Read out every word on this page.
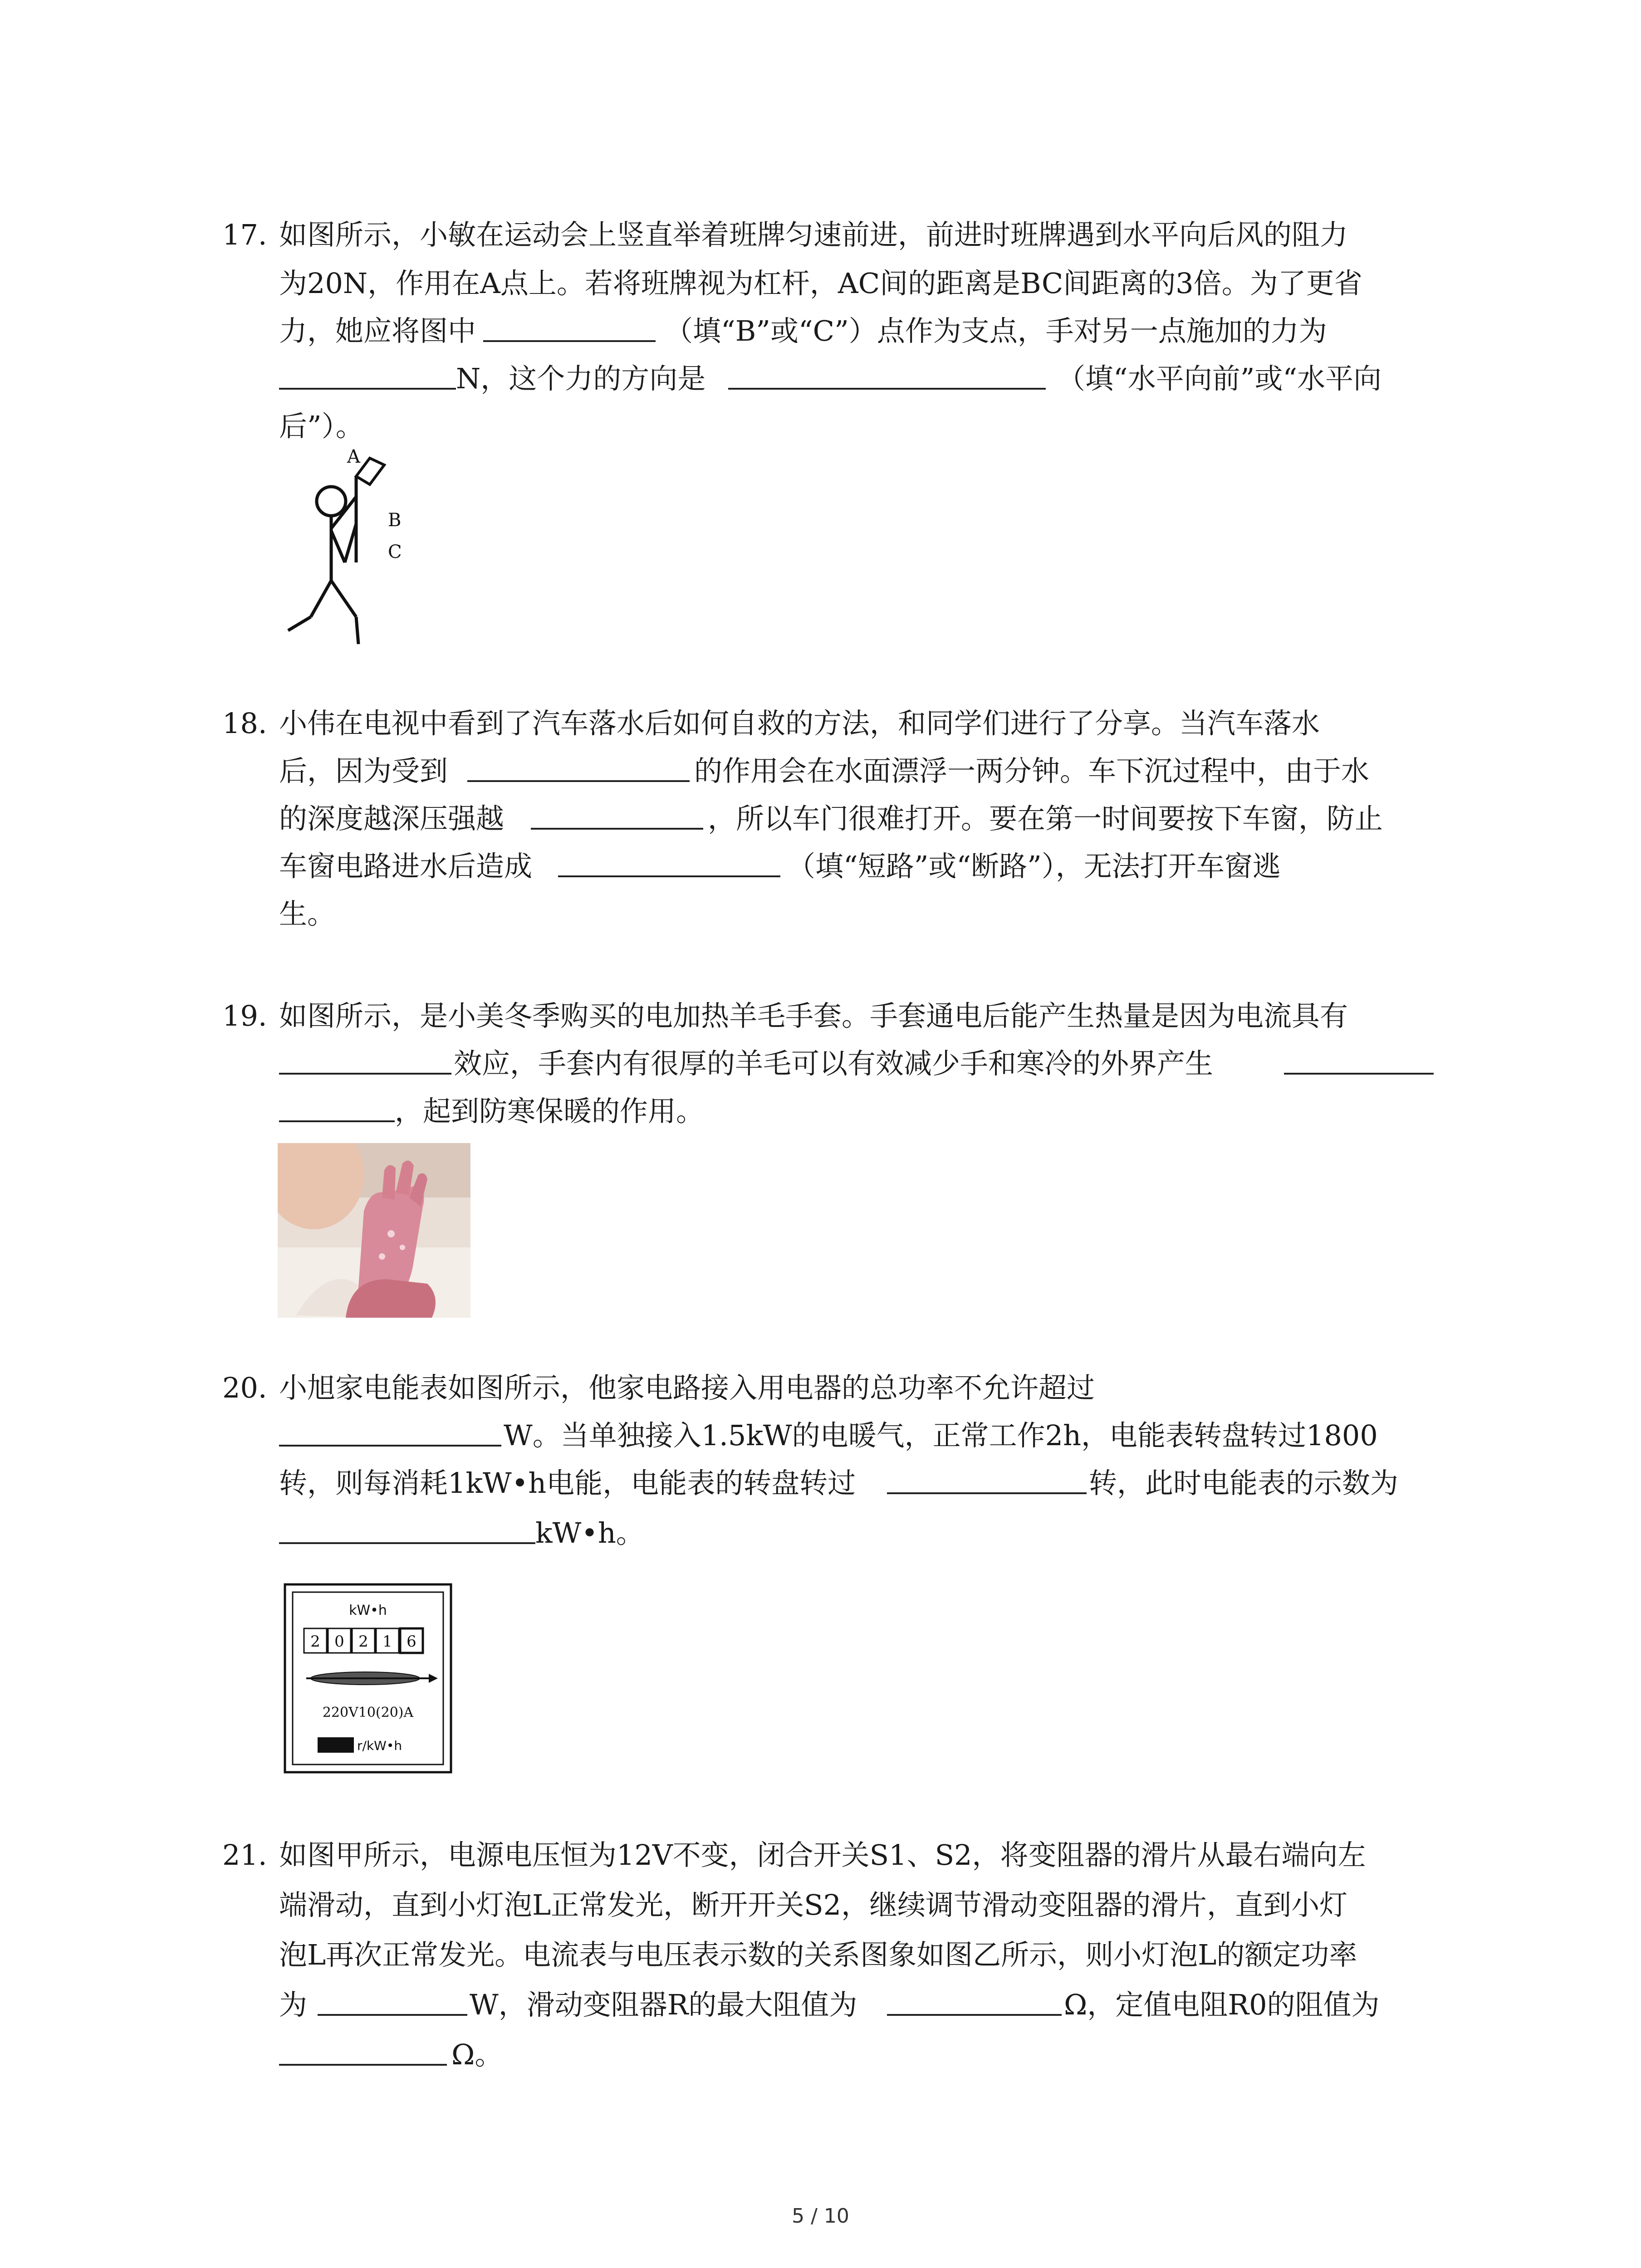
17. 如图所示，小敏在运动会上竖直举着班牌匀速前进，前进时班牌遇到水平向后风的阻力
为20N，作用在A点上。若将班牌视为杠杆，AC间的距离是BC间距离的3倍。为了更省
力，她应将图中	（填“B”或“C”）点作为支点，手对另一点施加的力为
N，这个力的方向是	（填“水平向前”或“水平向
后”）。
A
B
C
18. 小伟在电视中看到了汽车落水后如何自救的方法，和同学们进行了分享。当汽车落水
后，因为受到	的作用会在水面漂浮一两分钟。车下沉过程中，由于水
的深度越深压强越	，所以车门很难打开。要在第一时间要按下车窗，防止
车窗电路进水后造成	（填“短路”或“断路”），无法打开车窗逃
生。
19. 如图所示，是小美冬季购买的电加热羊毛手套。手套通电后能产生热量是因为电流具有
效应，手套内有很厚的羊毛可以有效减少手和寒冷的外界产生
，起到防寒保暖的作用。
20. 小旭家电能表如图所示，他家电路接入用电器的总功率不允许超过
W。当单独接入1.5kW的电暖气，正常工作2h，电能表转盘转过1800
转，则每消耗1kW•h电能，电能表的转盘转过	转，此时电能表的示数为
kW•h。
kW•h
2 0 2 1 6
220V10(20)A
r/kW•h
21. 如图甲所示，电源电压恒为12V不变，闭合开关S1、S2，将变阻器的滑片从最右端向左
端滑动，直到小灯泡L正常发光，断开开关S2，继续调节滑动变阻器的滑片，直到小灯
泡L再次正常发光。电流表与电压表示数的关系图象如图乙所示，则小灯泡L的额定功率
为	W，滑动变阻器R的最大阻值为	Ω，定值电阻R0的阻值为
Ω。
5 / 10
